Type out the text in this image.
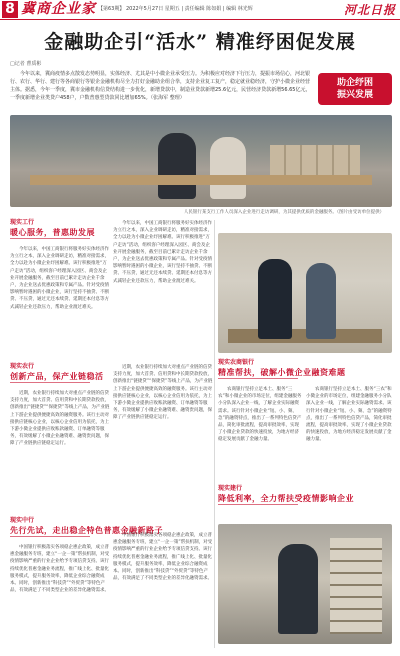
8 冀商企业家 【第63期】 2022年5月27日 星期五 | 责任编辑 陈如娟 | 编辑 林光辉	河北日报
金融助企引“活水” 精准纾困促发展
□记者 曹质彬
今年以来，冀商疫情多点散发态势明显，实体经济、尤其是中小微企业承受压力。为积极应对经济下行压力，提振市场信心，河北银行、农行、华行、建行等各商银行等银企金融机构尽全力打好金融助企组合拳，支持企业复工复产，稳定就业稳经济，守护小微企业经营主体。据悉，今年一季度，冀市金融机构信贷结构进一步优化，新增贷款中，制造业贷款新增25.6亿元，民营经济贷款新增56.65亿元，一季度新增企业类贷户458户，户数普惠型贷款同比增加65%。（张海军 整理）
助企纾困
振兴发展
人民银行某支行工作人员深入企业进行走访调研，为其提供优质的金融服务。（图片由受访单位提供）
现实工行
暖心服务，普惠助发展
今年以来，中国工商银行将服务好实体经济作为立行之本，深入企业调研走访，精准对接需求，全力以赴为小微企业纾困解难。该行积极推进“万户走访”活动，组织客户经理深入园区、商会及企业开展金融服务，截至目前已累计走访企业千余户，为企业送去优惠政策和专属产品。针对受疫情影响暂时遇困的小微企业，该行坚持不抽贷、不断贷、不压贷，通过无还本续贷、延期还本付息等方式减轻企业还款压力，帮助企业渡过难关。
今年以来，中国工商银行将服务好实体经济作为立行之本，深入企业调研走访，精准对接需求，全力以赴为小微企业纾困解难。该行积极推进“万户走访”活动，组织客户经理深入园区、商会及企业开展金融服务，截至目前已累计走访企业千余户，为企业送去优惠政策和专属产品。针对受疫情影响暂时遇困的小微企业，该行坚持不抽贷、不断贷、不压贷，通过无还本续贷、延期还本付息等方式减轻企业还款压力，帮助企业渡过难关。
现实农行
创新产品，保产业链稳活
近期，农业银行持续加大对重点产业链的信贷支持力度，加大首贷、信用贷和中长期贷款投放，创新推出“链捷贷”“保捷贷”等线上产品，为产业链上下游企业提供便捷高效的融资服务。该行主动对接供应链核心企业，以核心企业信用为依托，为上下游小微企业提供应收账款融资、订单融资等服务，有效缓解了小微企业融资难、融资贵问题，保障了产业链供应链稳定运行。
近期，农业银行持续加大对重点产业链的信贷支持力度，加大首贷、信用贷和中长期贷款投放，创新推出“链捷贷”“保捷贷”等线上产品，为产业链上下游企业提供便捷高效的融资服务。该行主动对接供应链核心企业，以核心企业信用为依托，为上下游小微企业提供应收账款融资、订单融资等服务，有效缓解了小微企业融资难、融资贵问题，保障了产业链供应链稳定运行。
现实中行
先行先试，走出稳企特色普惠金融新路子
中国银行积极落实各项稳企惠企政策，成立普惠金融服务专班，建立“一企一策”帮扶机制，对受疫情影响严重的行业企业给予专项信贷支持。该行持续优化普惠金融业务流程，推广线上化、批量化服务模式，提升服务效率，降低企业综合融资成本。同时，创新推出“科技贷”“外贸贷”等特色产品，有效满足了不同类型企业的差异化融资需求。
中国银行积极落实各项稳企惠企政策，成立普惠金融服务专班，建立“一企一策”帮扶机制，对受疫情影响严重的行业企业给予专项信贷支持。该行持续优化普惠金融业务流程，推广线上化、批量化服务模式，提升服务效率，降低企业综合融资成本。同时，创新推出“科技贷”“外贸贷”等特色产品，有效满足了不同类型企业的差异化融资需求。
现实农商银行
精准帮扶，破解小微企业融资难题
农商银行坚持立足本土、服务“三农”和小微企业的市场定位，组建金融服务小分队深入企业一线，了解企业实际融资需求。该行针对小微企业“短、小、频、急”的融资特点，推出了一系列特色信贷产品，简化审批流程，提高审批效率，实现了小微企业贷款的快速投放，为地方经济稳定发展贡献了金融力量。
农商银行坚持立足本土、服务“三农”和小微企业的市场定位，组建金融服务小分队深入企业一线，了解企业实际融资需求。该行针对小微企业“短、小、频、急”的融资特点，推出了一系列特色信贷产品，简化审批流程，提高审批效率，实现了小微企业贷款的快速投放，为地方经济稳定发展贡献了金融力量。
现实建行
降低利率，全力帮扶受疫情影响企业
